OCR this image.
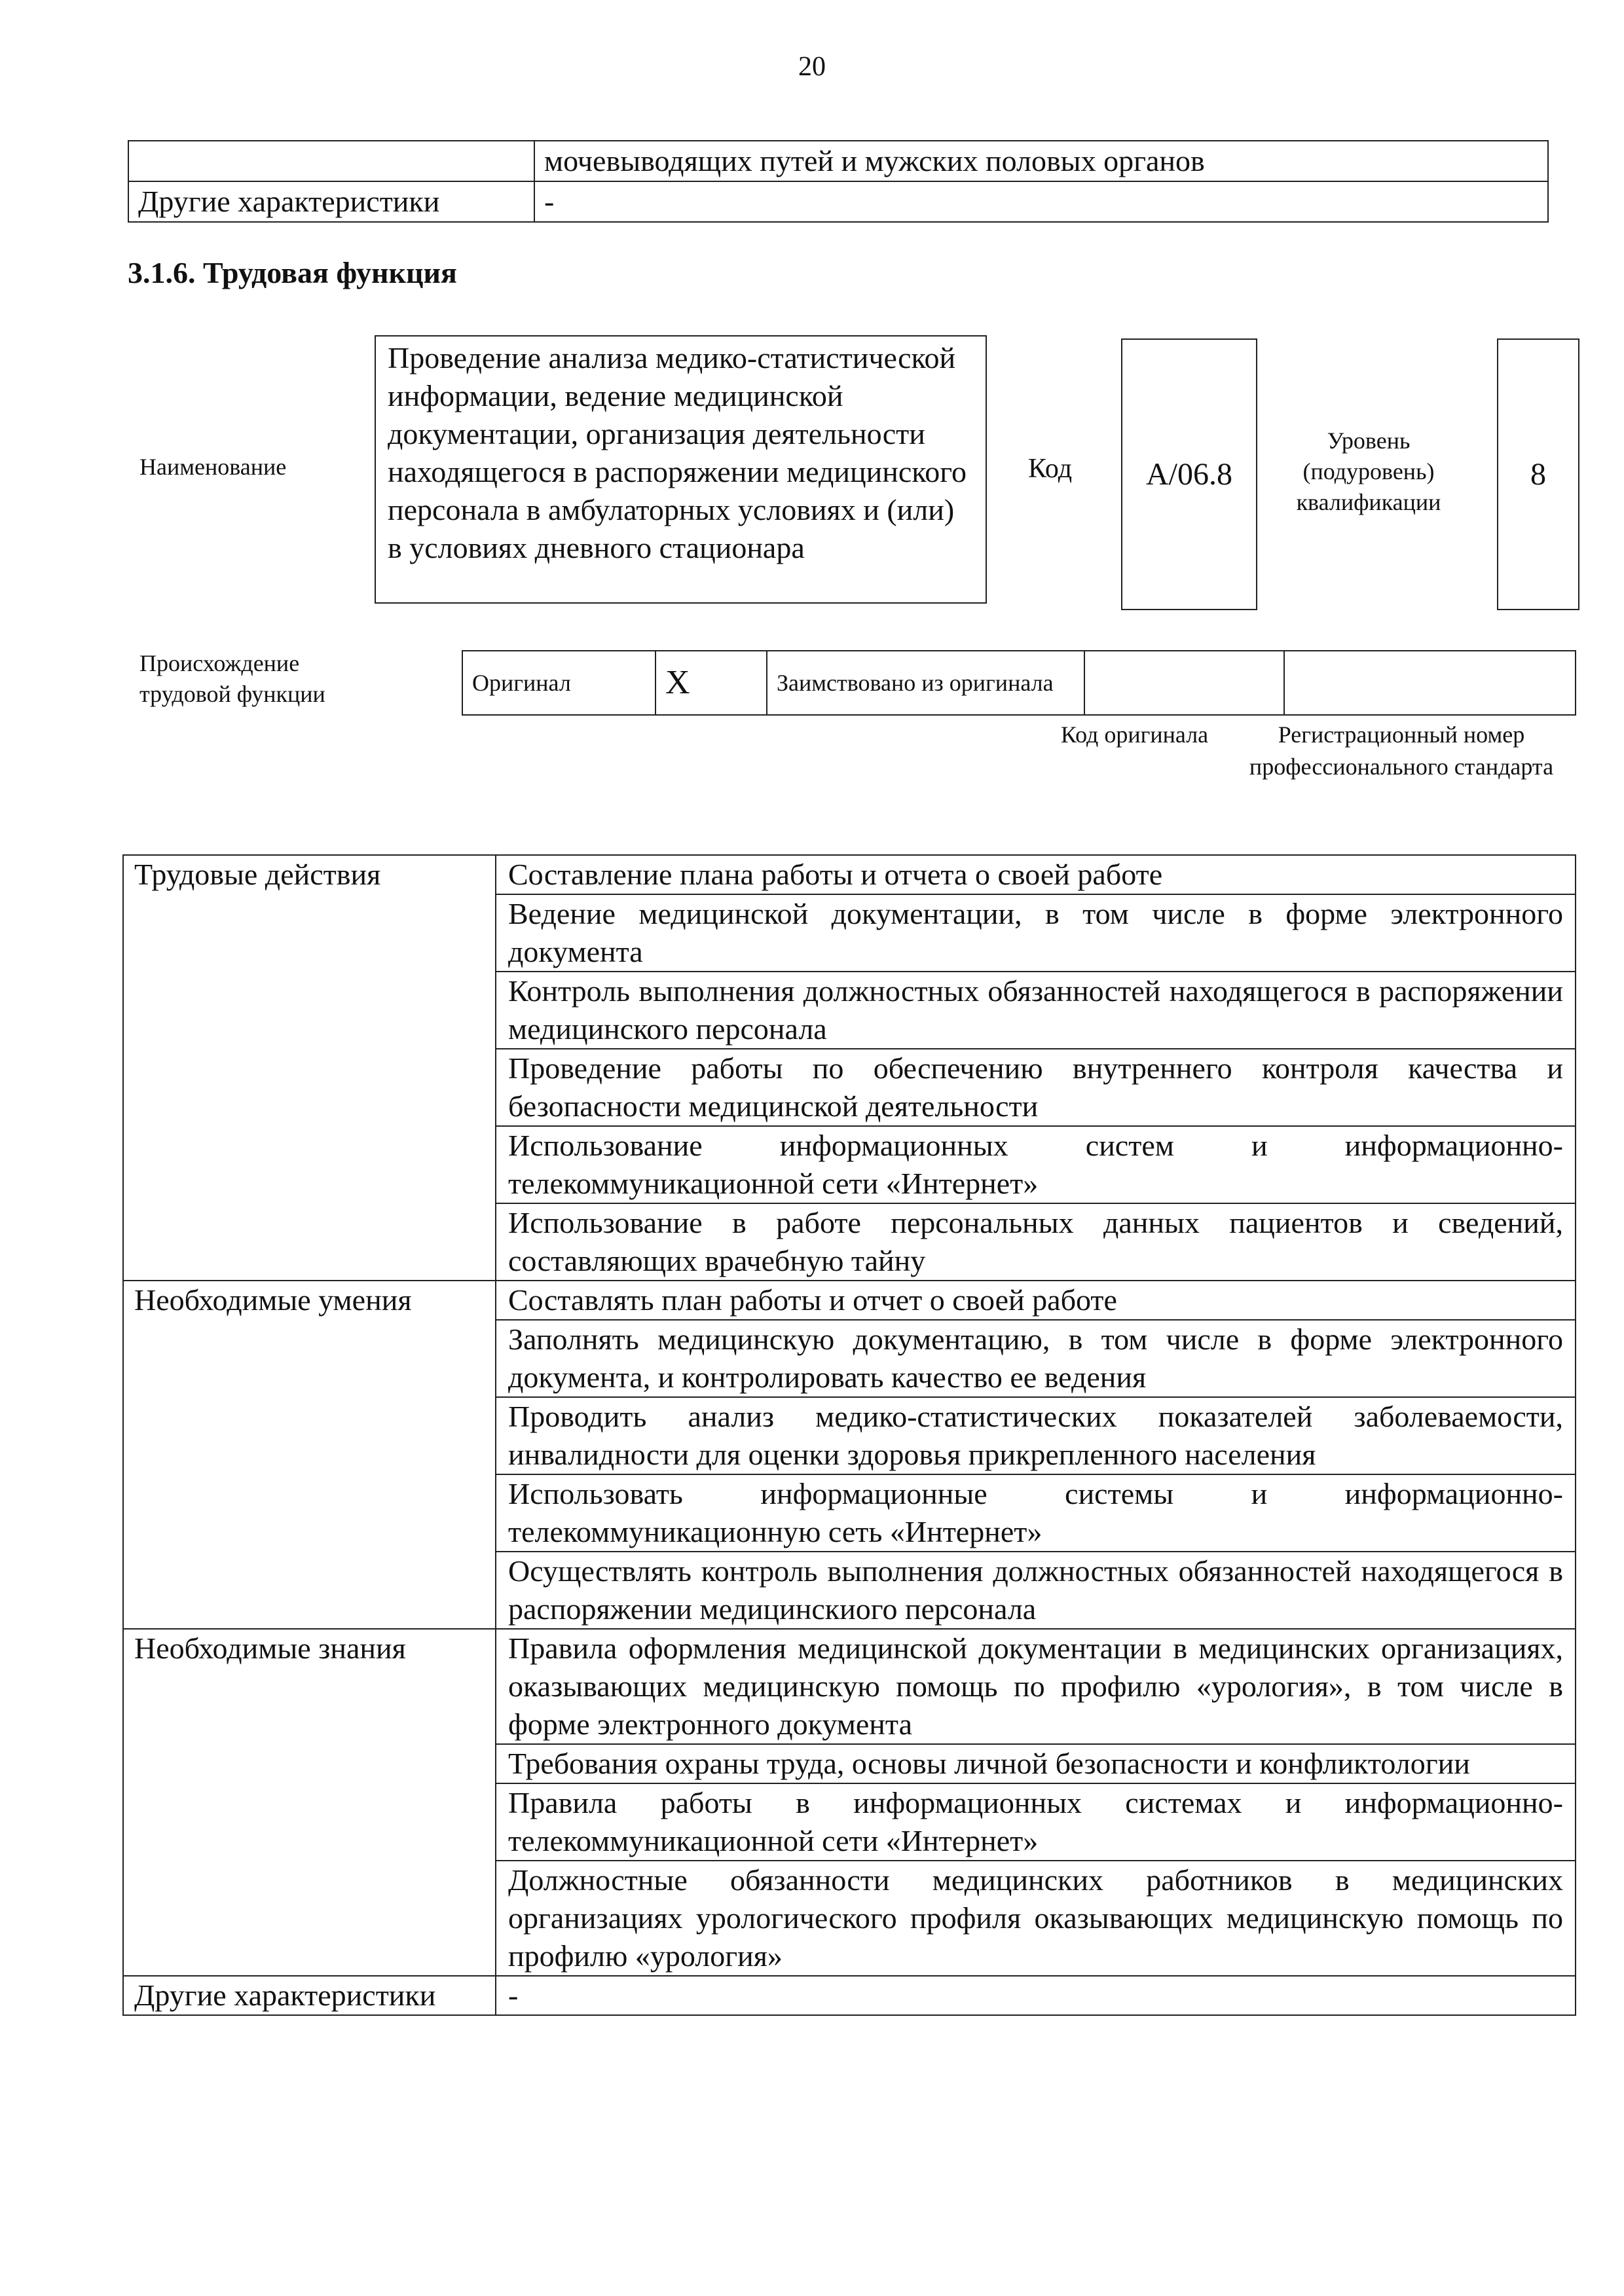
20
	мочевыводящих путей и мужских половых органов
Другие характеристики	-
3.1.6. Трудовая функция
Наименование
Проведение анализа медико-статистической информации, ведение медицинской документации, организация деятельности находящегося в распоряжении медицинского персонала в амбулаторных условиях и (или) в условиях дневного стационара
Код	А/06.8
Уровень (подуровень) квалификации
8
Происхождение трудовой функции	Оригинал	X	Заимствовано из оригинала		
Код оригинала	Регистрационный номер профессионального стандарта
Трудовые действия	Составление плана работы и отчета о своей работе
	Ведение медицинской документации, в том числе в форме электронного документа
	Контроль выполнения должностных обязанностей находящегося в распоряжении медицинского персонала
	Проведение работы по обеспечению внутреннего контроля качества и безопасности медицинской деятельности
	Использование информационных систем и информационно-телекоммуникационной сети «Интернет»
	Использование в работе персональных данных пациентов и сведений, составляющих врачебную тайну
Необходимые умения	Составлять план работы и отчет о своей работе
	Заполнять медицинскую документацию, в том числе в форме электронного документа, и контролировать качество ее ведения
	Проводить анализ медико-статистических показателей заболеваемости, инвалидности для оценки здоровья прикрепленного населения
	Использовать информационные системы и информационно-телекоммуникационную сеть «Интернет»
	Осуществлять контроль выполнения должностных обязанностей находящегося в распоряжении медицинскиого персонала
Необходимые знания	Правила оформления медицинской документации в медицинских организациях, оказывающих медицинскую помощь по профилю «урология», в том числе в форме электронного документа
	Требования охраны труда, основы личной безопасности и конфликтологии
	Правила работы в информационных системах и информационно-телекоммуникационной сети «Интернет»
	Должностные обязанности медицинских работников в медицинских организациях урологического профиля оказывающих медицинскую помощь по профилю «урология»
Другие характеристики	-
